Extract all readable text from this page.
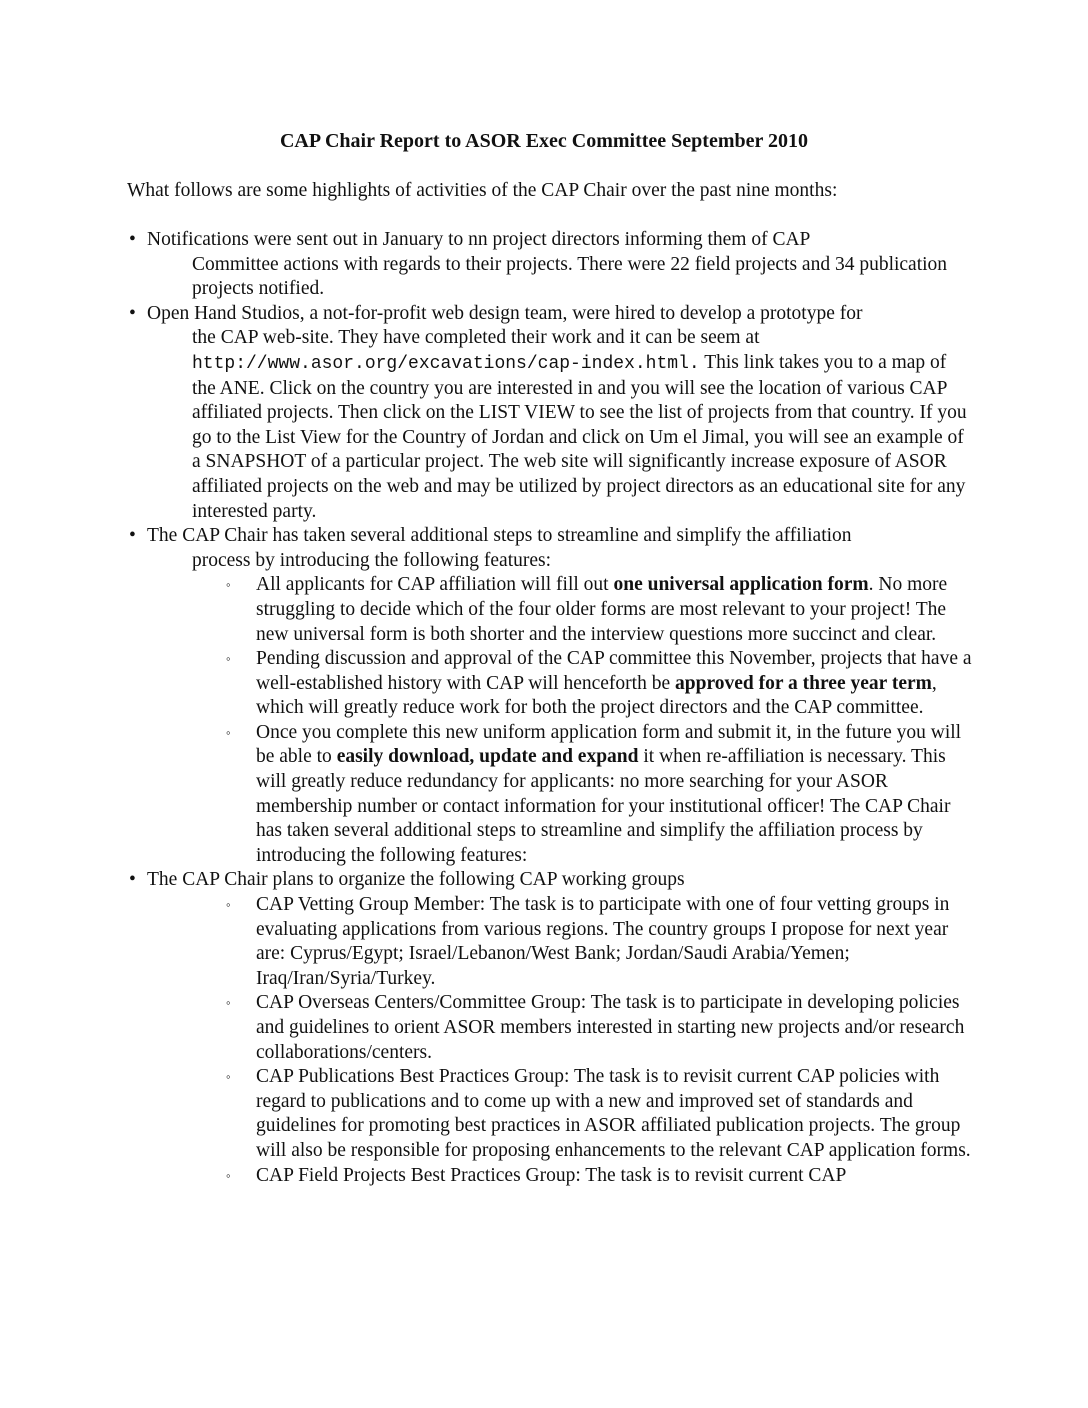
CAP Chair Report to ASOR Exec Committee September 2010
What follows are some highlights of activities of the CAP Chair over the past nine months:
• Notifications were sent out in January to nn project directors informing them of CAP
Committee actions with regards to their projects. There were 22 field projects and 34 publication projects notified.
• Open Hand Studios, a not-for-profit web design team, were hired to develop a prototype for
the CAP web-site. They have completed their work and it can be seem at http://www.asor.org/excavations/cap-index.html. This link takes you to a map of the ANE. Click on the country you are interested in and you will see the location of various CAP affiliated projects. Then click on the LIST VIEW to see the list of projects from that country. If you go to the List View for the Country of Jordan and click on Um el Jimal, you will see an example of a SNAPSHOT of a particular project. The web site will significantly increase exposure of ASOR affiliated projects on the web and may be utilized by project directors as an educational site for any interested party.
• The CAP Chair has taken several additional steps to streamline and simplify the affiliation
process by introducing the following features:
◦ All applicants for CAP affiliation will fill out one universal application form. No more struggling to decide which of the four older forms are most relevant to your project! The new universal form is both shorter and the interview questions more succinct and clear.
◦ Pending discussion and approval of the CAP committee this November, projects that have a well-established history with CAP will henceforth be approved for a three year term, which will greatly reduce work for both the project directors and the CAP committee.
◦ Once you complete this new uniform application form and submit it, in the future you will be able to easily download, update and expand it when re-affiliation is necessary. This will greatly reduce redundancy for applicants: no more searching for your ASOR membership number or contact information for your institutional officer! The CAP Chair has taken several additional steps to streamline and simplify the affiliation process by introducing the following features:
• The CAP Chair plans to organize the following CAP working groups
◦ CAP Vetting Group Member: The task is to participate with one of four vetting groups in evaluating applications from various regions. The country groups I propose for next year are: Cyprus/Egypt; Israel/Lebanon/West Bank; Jordan/Saudi Arabia/Yemen; Iraq/Iran/Syria/Turkey.
◦ CAP Overseas Centers/Committee Group: The task is to participate in developing policies and guidelines to orient ASOR members interested in starting new projects and/or research collaborations/centers.
◦ CAP Publications Best Practices Group: The task is to revisit current CAP policies with regard to publications and to come up with a new and improved set of standards and guidelines for promoting best practices in ASOR affiliated publication projects. The group will also be responsible for proposing enhancements to the relevant CAP application forms.
◦ CAP Field Projects Best Practices Group: The task is to revisit current CAP
